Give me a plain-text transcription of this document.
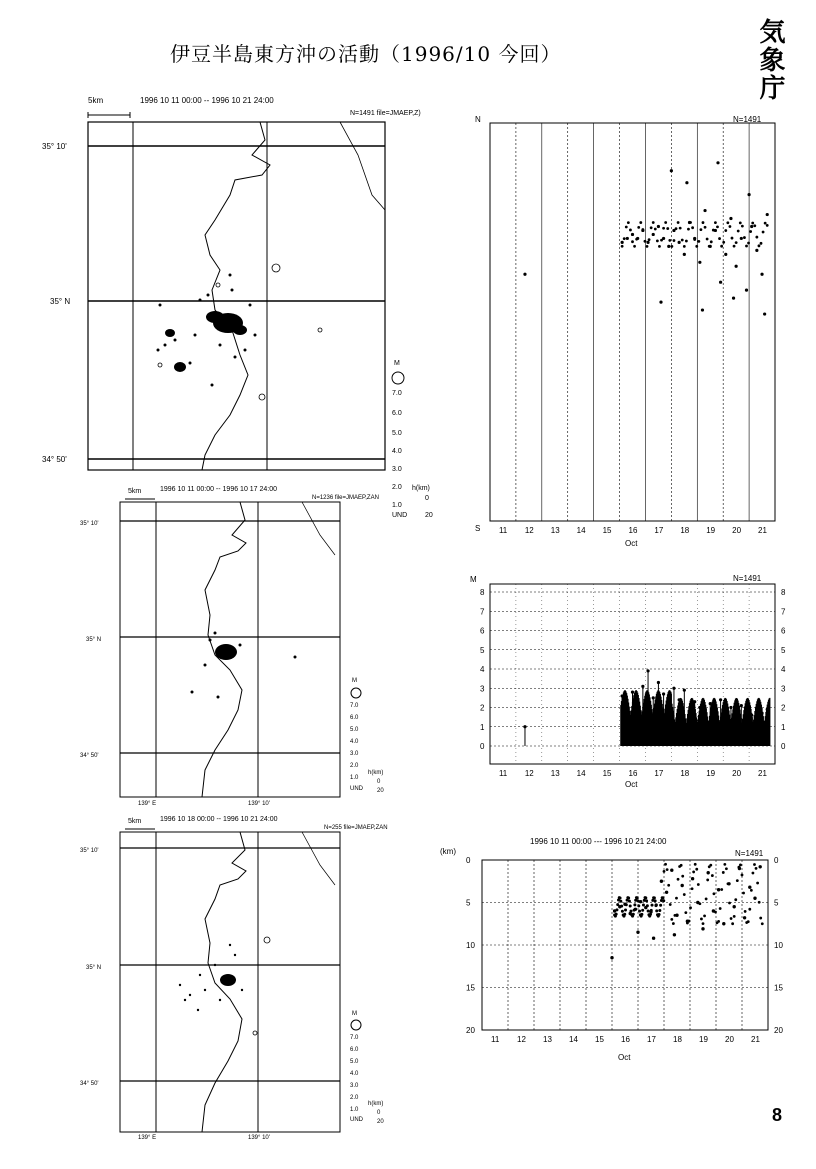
伊豆半島東方沖の活動（1996/10 今回）	気象庁
8
5km	1996 10 11 00:00 -- 1996 10 21 24:00
N=1491 file=JMAEP,Z)
35° 10'
35° N
34° 50'
M
7.0
6.0
5.0
4.0
3.0
2.0
1.0
h(km)
0
20
UND
5km	1996 10 11 00:00 -- 1996 10 17 24:00
N=1236 file=JMAEP,ZAN
35° 10'
35° N
34° 50'
139° E	139° 10'
M
7.0
6.0
5.0
4.0
3.0
2.0
1.0
h(km)
0
20
UND
5km	1996 10 18 00:00 -- 1996 10 21 24:00
N=255 file=JMAEP,ZAN
35° 10'
35° N
34° 50'
139° E	139° 10'
M
7.0
6.0
5.0
4.0
3.0
2.0
1.0
h(km)
0
20
UND
N
S
N=1491
11 12 13 14 15 16 17 18 19 20 21
Oct
M	N=1491
0	0
1	1
2	2
3	3
4	4
5	5
6	6
7	7
8	8
11 12 13 14 15 16 17 18 19 20 21
Oct
1996 10 11 00:00 --- 1996 10 21 24:00
N=1491
(km)
0	0
5	5
10	10
15	15
20	20
11 12 13 14 15 16 17 18 19 20 21
Oct
